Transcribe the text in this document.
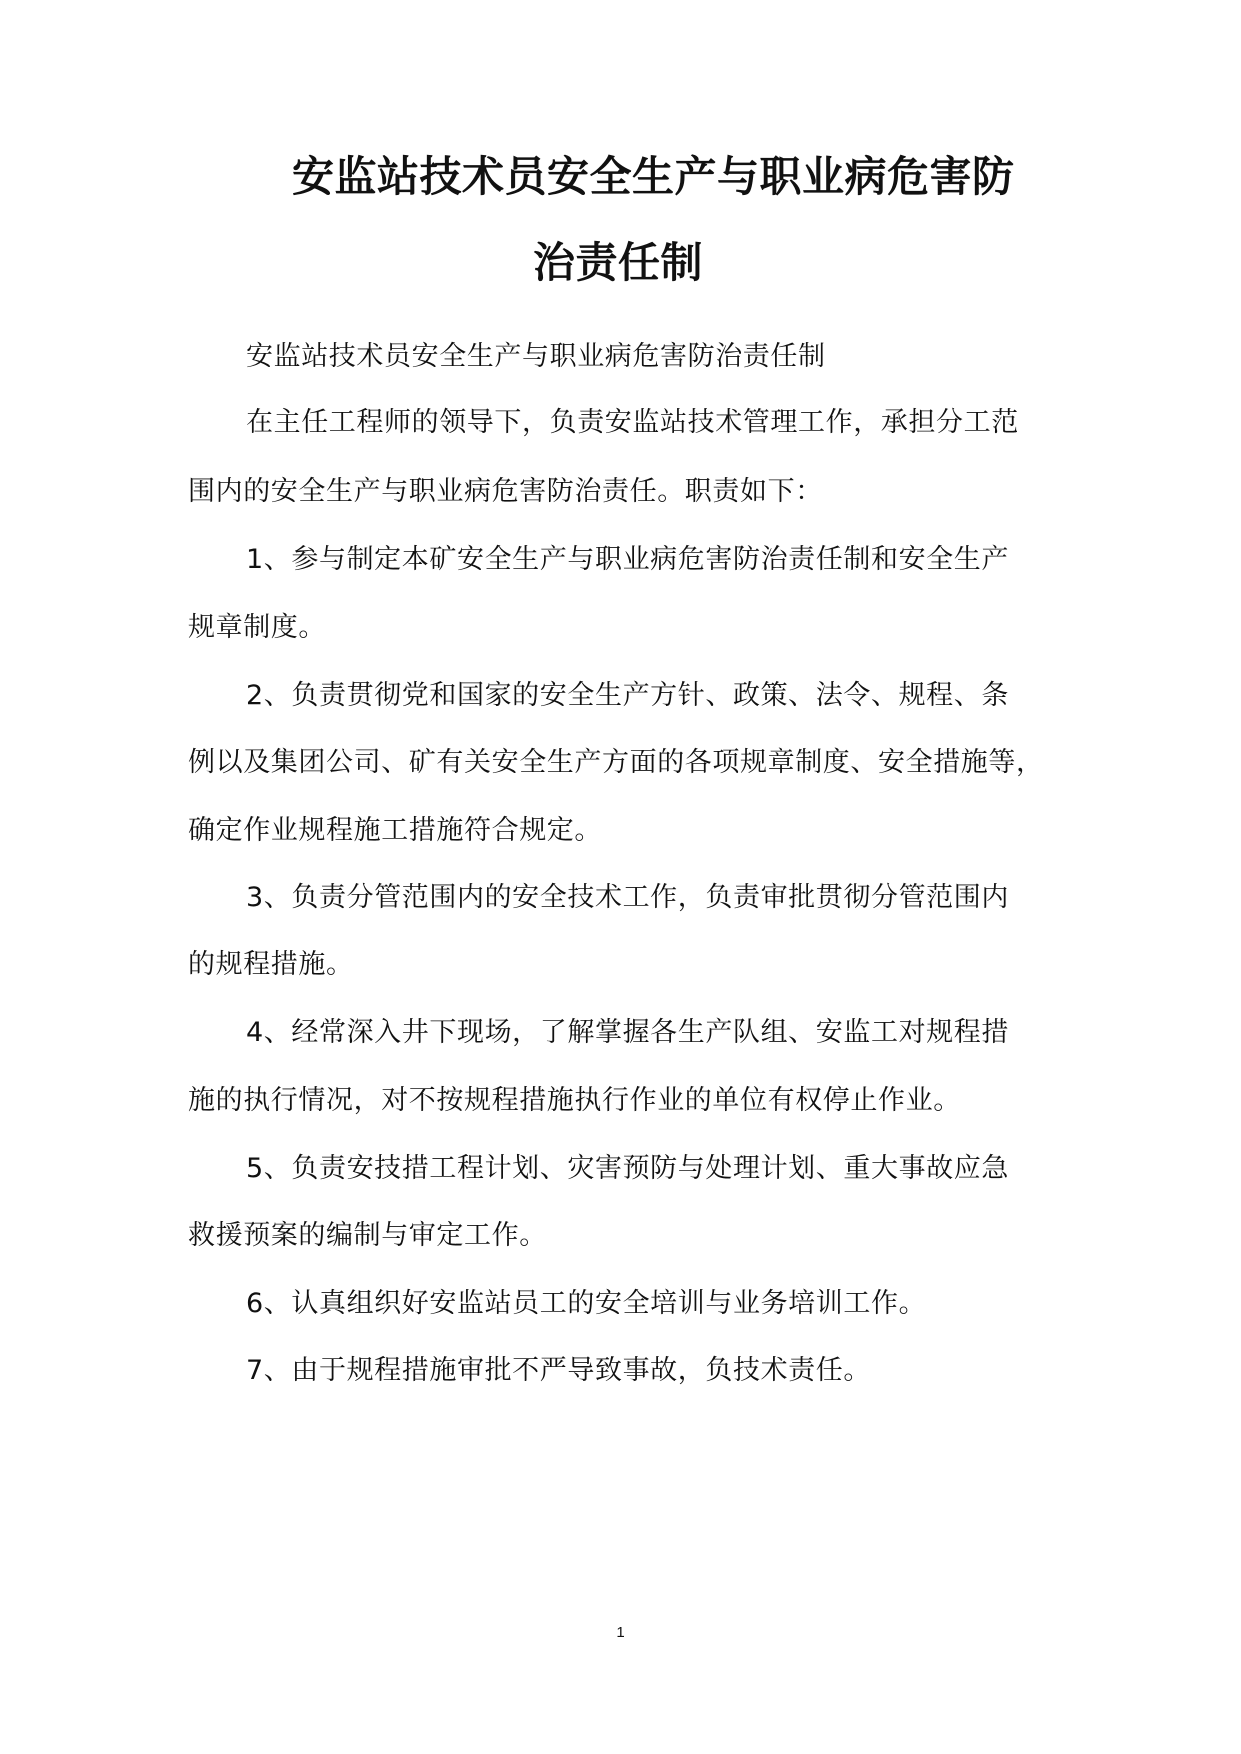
安监站技术员安全生产与职业病危害防
治责任制
安监站技术员安全生产与职业病危害防治责任制
在主任工程师的领导下，负责安监站技术管理工作，承担分工范
围内的安全生产与职业病危害防治责任。职责如下：
1、参与制定本矿安全生产与职业病危害防治责任制和安全生产
规章制度。
2、负责贯彻党和国家的安全生产方针、政策、法令、规程、条
例以及集团公司、矿有关安全生产方面的各项规章制度、安全措施等，
确定作业规程施工措施符合规定。
3、负责分管范围内的安全技术工作，负责审批贯彻分管范围内
的规程措施。
4、经常深入井下现场，了解掌握各生产队组、安监工对规程措
施的执行情况，对不按规程措施执行作业的单位有权停止作业。
5、负责安技措工程计划、灾害预防与处理计划、重大事故应急
救援预案的编制与审定工作。
6、认真组织好安监站员工的安全培训与业务培训工作。
7、由于规程措施审批不严导致事故，负技术责任。
1
